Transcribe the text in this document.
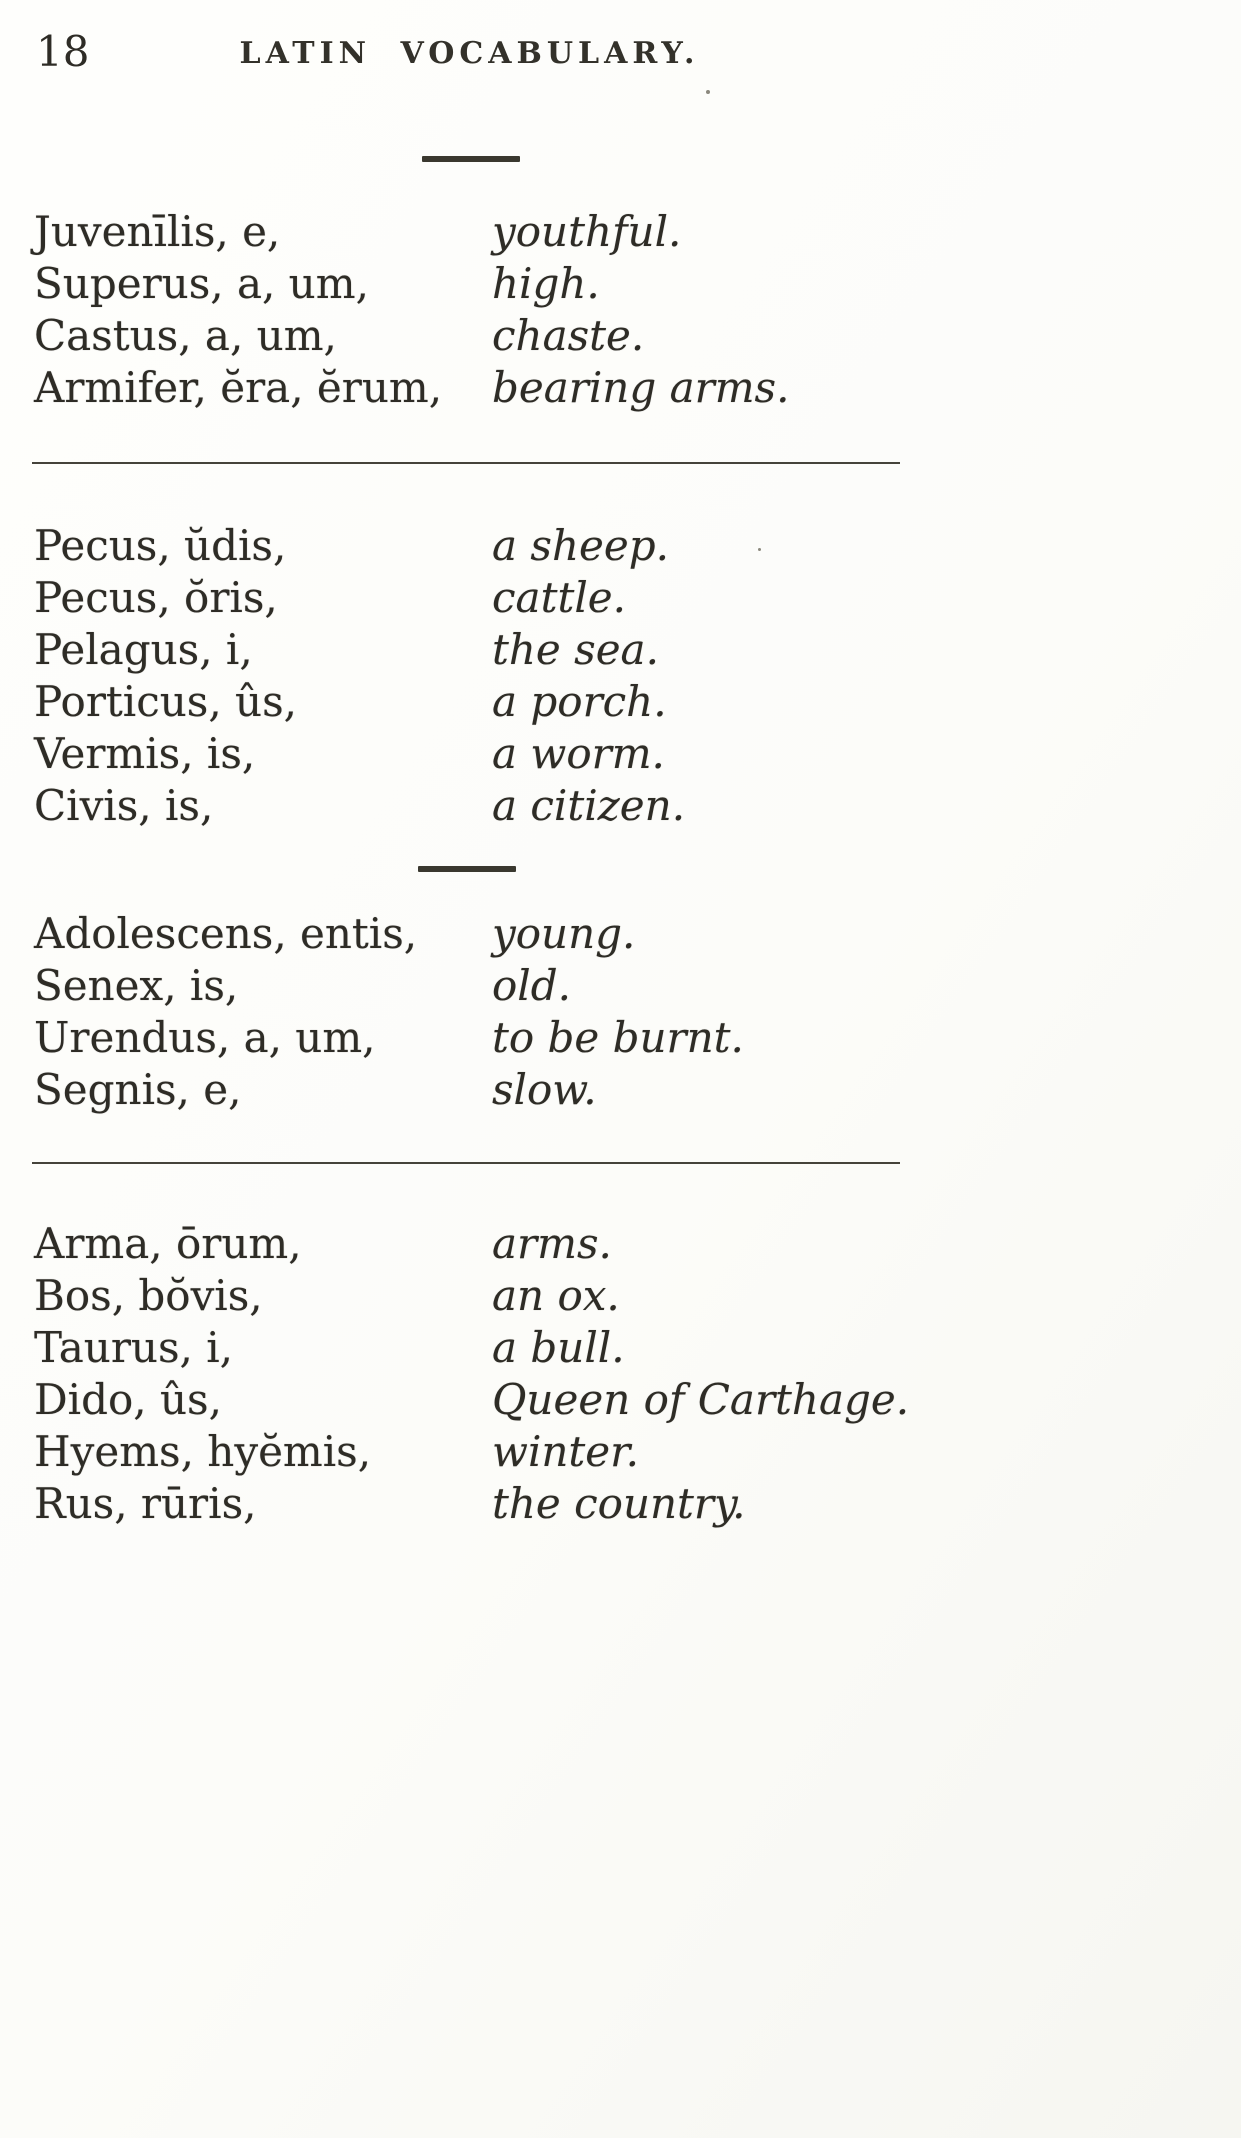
18	LATIN VOCABULARY.
Juvenīlis, e,	youthful.
Superus, a, um,	high.
Castus, a, um,	chaste.
Armifer, ĕra, ĕrum,	bearing arms.
Pecus, ŭdis,	a sheep.
Pecus, ŏris,	cattle.
Pelagus, i,	the sea.
Porticus, ûs,	a porch.
Vermis, is,	a worm.
Civis, is,	a citizen.
Adolescens, entis,	young.
Senex, is,	old.
Urendus, a, um,	to be burnt.
Segnis, e,	slow.
Arma, ōrum,	arms.
Bos, bŏvis,	an ox.
Taurus, i,	a bull.
Dido, ûs,	Queen of Carthage.
Hyems, hyĕmis,	winter.
Rus, rūris,	the country.
